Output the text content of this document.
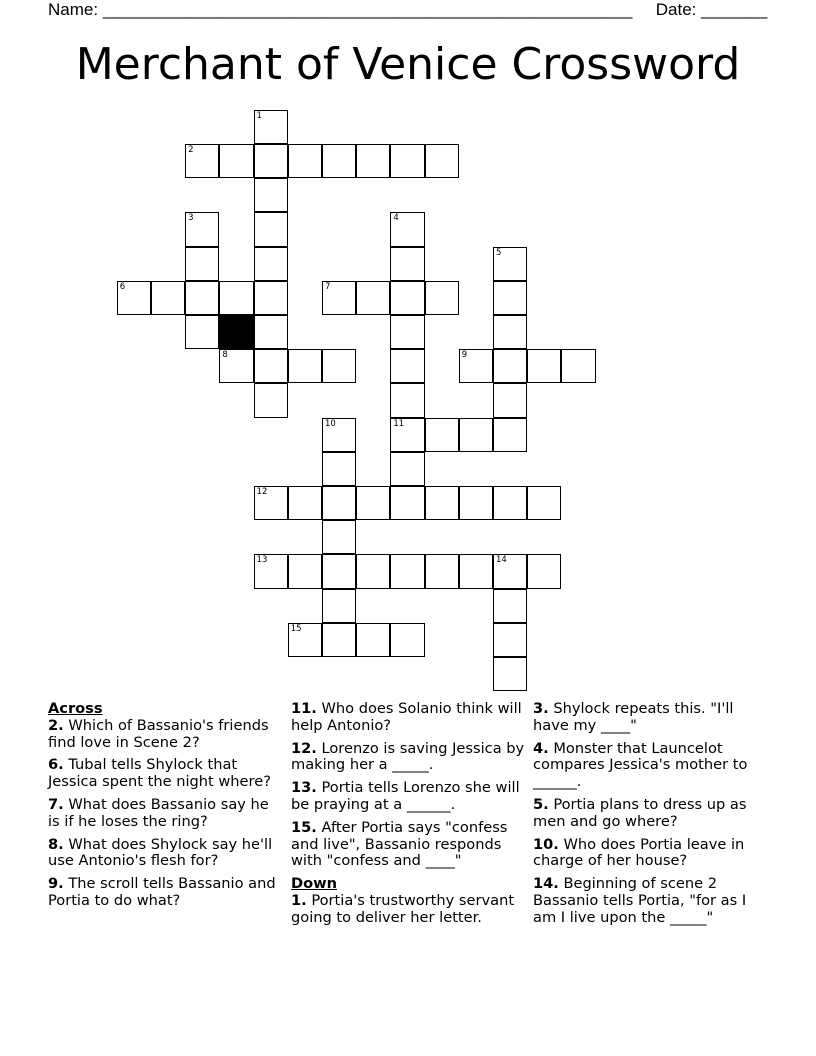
Name: ________________________________________________________ Date: _______
Merchant of Venice Crossword
1
2
3	4
11
5
6	7
8	9
10
12
13	14
15
Across
2. Which of Bassanio's friends find love in Scene 2?
6. Tubal tells Shylock that Jessica spent the night where?
7. What does Bassanio say he is if he loses the ring?
8. What does Shylock say he'll use Antonio's flesh for?
9. The scroll tells Bassanio and Portia to do what?
11. Who does Solanio think will help Antonio?
12. Lorenzo is saving Jessica by making her a _____.
13. Portia tells Lorenzo she will be praying at a ______.
15. After Portia says "confess and live", Bassanio responds with "confess and ____"
Down
1. Portia's trustworthy servant going to deliver her letter.
3. Shylock repeats this. "I'll have my ____"
4. Monster that Launcelot compares Jessica's mother to ______.
5. Portia plans to dress up as men and go where?
10. Who does Portia leave in charge of her house?
14. Beginning of scene 2 Bassanio tells Portia, "for as I am I live upon the _____"
